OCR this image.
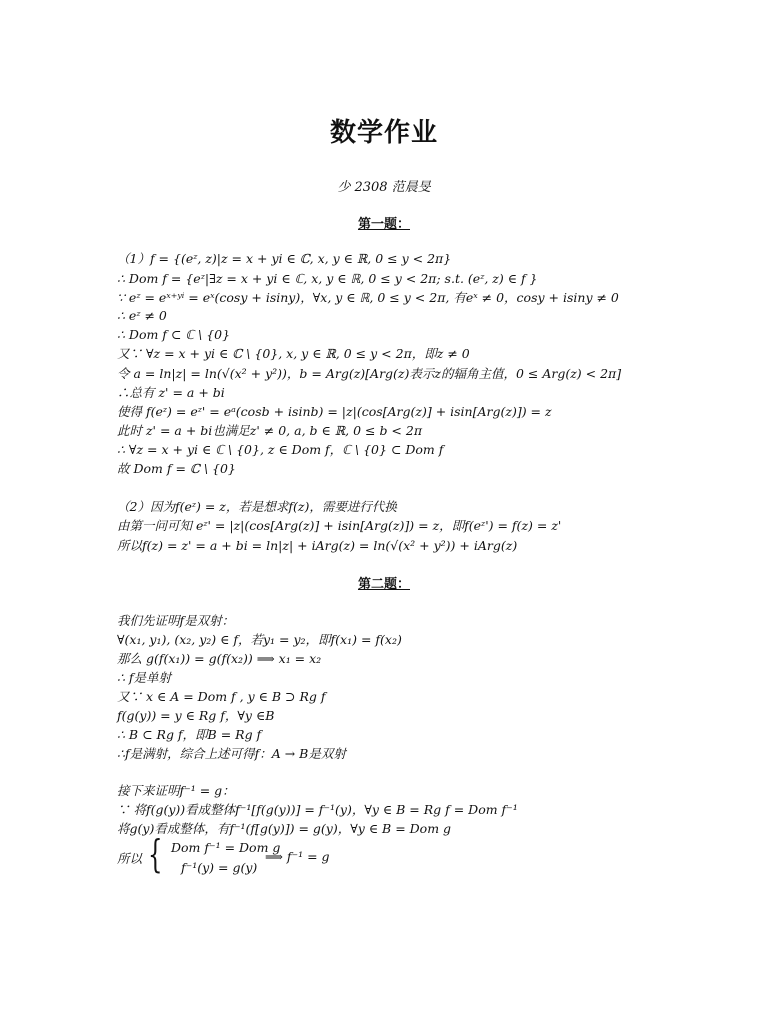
数学作业
少 2308 范晨旻
第一题：
（1）f = {(eᶻ, z)|z = x + yi ∈ ℂ, x, y ∈ ℝ, 0 ≤ y < 2π}
∴ Dom f = {eᶻ|∃z = x + yi ∈ ℂ, x, y ∈ ℝ, 0 ≤ y < 2π; s.t. (eᶻ, z) ∈ f }
∵ eᶻ = eˣ⁺ʸⁱ = eˣ(cosy + isiny)，∀x, y ∈ ℝ, 0 ≤ y < 2π, 有eˣ ≠ 0，cosy + isiny ≠ 0
∴ eᶻ ≠ 0
∴ Dom f ⊂ ℂ \ {0}
又∵ ∀z = x + yi ∈ ℂ \ {0}, x, y ∈ ℝ, 0 ≤ y < 2π，即z ≠ 0
令 a = ln|z| = ln(√(x² + y²))，b = Arg(z)[Arg(z)表示z的辐角主值，0 ≤ Arg(z) < 2π]
∴总有 z' = a + bi
使得 f(eᶻ) = eᶻ' = eᵃ(cosb + isinb) = |z|(cos[Arg(z)] + isin[Arg(z)]) = z
此时 z' = a + bi也满足z' ≠ 0, a, b ∈ ℝ, 0 ≤ b < 2π
∴ ∀z = x + yi ∈ ℂ \ {0}, z ∈ Dom f，ℂ \ {0} ⊂ Dom f
故 Dom f = ℂ \ {0}
（2）因为f(eᶻ) = z，若是想求f(z)，需要进行代换
由第一问可知 eᶻ' = |z|(cos[Arg(z)] + isin[Arg(z)]) = z，即f(eᶻ') = f(z) = z'
所以f(z) = z' = a + bi = ln|z| + iArg(z) = ln(√(x² + y²)) + iArg(z)
第二题：
我们先证明f是双射：
∀(x₁, y₁), (x₂, y₂) ∈ f，若y₁ = y₂，即f(x₁) = f(x₂)
那么 g(f(x₁)) = g(f(x₂)) ⟹ x₁ = x₂
∴ f是单射
又∵ x ∈ A = Dom f , y ∈ B ⊃ Rg f
f(g(y)) = y ∈ Rg f，∀y ∈B
∴ B ⊂ Rg f，即B = Rg f
∴f是满射，综合上述可得f：A → B是双射
接下来证明f⁻¹ = g：
∵ 将f(g(y))看成整体f⁻¹[f(g(y))] = f⁻¹(y)，∀y ∈ B = Rg f = Dom f⁻¹
将g(y)看成整体，有f⁻¹(f[g(y)]) = g(y)，∀y ∈ B = Dom g
所以 { Dom f⁻¹ = Dom g
f⁻¹(y) = g(y)
⟹ f⁻¹ = g
